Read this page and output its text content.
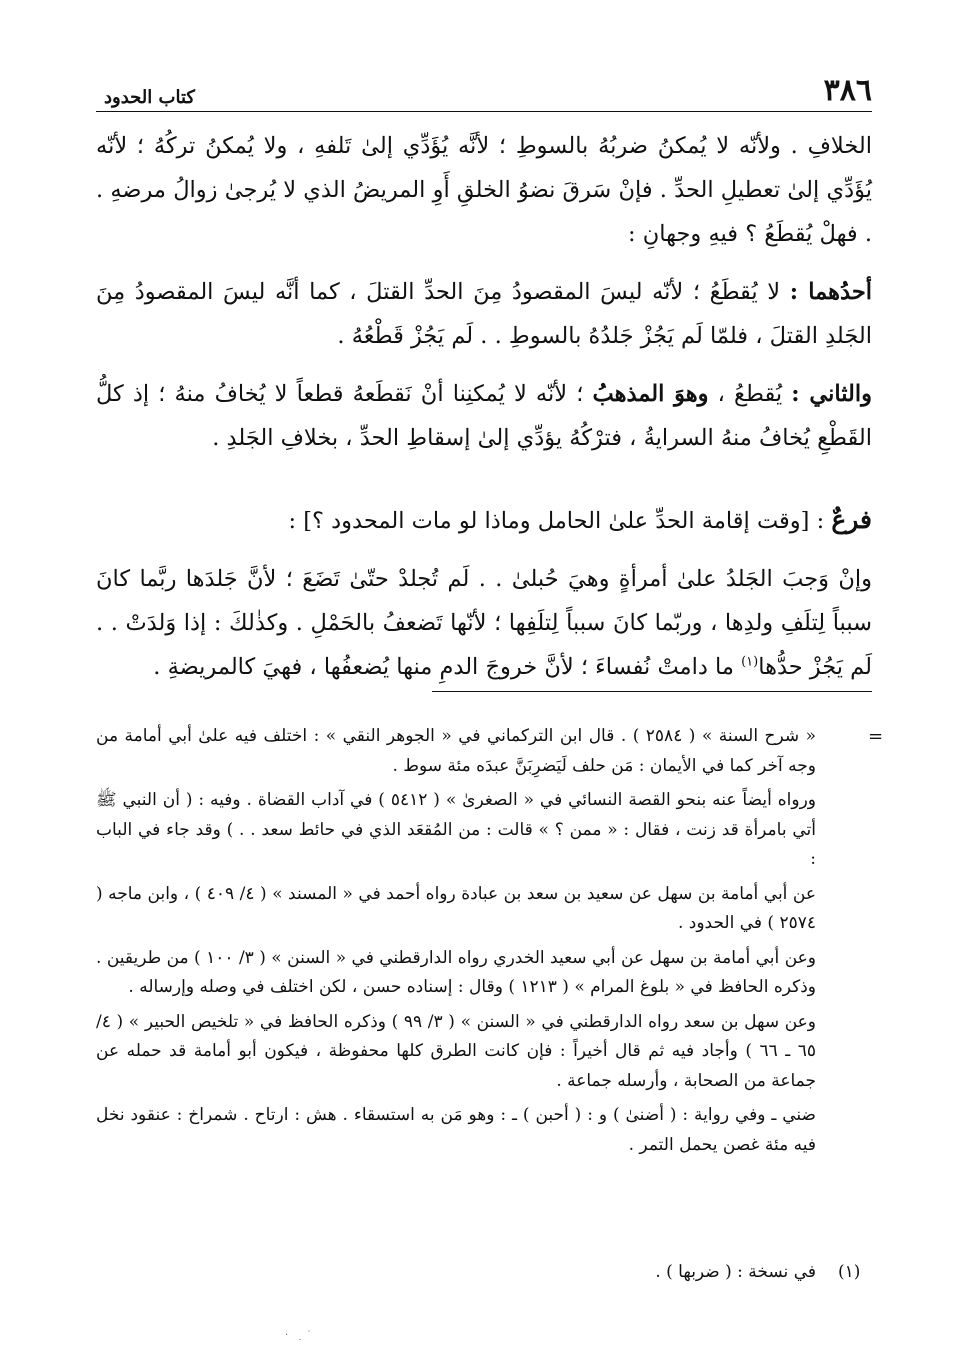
٣٨٦
كتاب الحدود

الخلافِ . ولأنّه لا يُمكنُ ضربُهُ بالسوطِ ؛ لأنَّه يُؤَدِّي إلىٰ تَلفهِ ، ولا يُمكنُ تركُهُ ؛ لأنّه يُؤَدِّي إلىٰ تعطيلِ الحدِّ . فإنْ سَرقَ نضوُ الخلقِ أَوِ المريضُ الذي لا يُرجىٰ زوالُ مرضهِ . . فهلْ يُقطَعُ ؟ فيهِ وجهانِ :

أحدُهما : لا يُقطَعُ ؛ لأنّه ليسَ المقصودُ مِنَ الحدِّ القتلَ ، كما أنَّه ليسَ المقصودُ مِنَ الجَلدِ القتلَ ، فلمّا لَم يَجُزْ جَلدُهُ بالسوطِ . . لَم يَجُزْ قَطْعُهُ .

والثاني : يُقطعُ ، وهوَ المذهبُ ؛ لأنّه لا يُمكنِنا أنْ نَقطَعهُ قطعاً لا يُخافُ منهُ ؛ إذ كلُّ القَطْعِ يُخافُ منهُ السرايةُ ، فترْكُهُ يؤدِّي إلىٰ إسقاطِ الحدِّ ، بخلافِ الجَلدِ .

فرعٌ : [وقت إقامة الحدِّ علىٰ الحامل وماذا لو مات المحدود ؟] :

وإنْ وَجبَ الجَلدُ علىٰ أمرأةٍ وهيَ حُبلىٰ . . لَم تُجلدْ حتّىٰ تَضَعَ ؛ لأنَّ جَلدَها ربَّما كانَ سبباً لِتلَفِ ولدِها ، وربّما كانَ سبباً لِتلَفِها ؛ لأنّها تَضعفُ بالحَمْلِ . وكذٰلكَ : إذا وَلدَتْ . . لَم يَجُزْ حدُّها$^{(١)}$ ما دامتْ نُفساءَ ؛ لأنَّ خروجَ الدمِ منها يُضعفُها ، فهيَ كالمريضةِ .

=

« شرح السنة » ( ٢٥٨٤ ) . قال ابن التركماني في « الجوهر النقي » : اختلف فيه علىٰ أبي أمامة من وجه آخر كما في الأيمان : مَن حلف لَيَضرِبَنَّ عبدَه مئة سوط .

ورواه أيضاً عنه بنحو القصة النسائي في « الصغرىٰ » ( ٥٤١٢ ) في آداب القضاة . وفيه : ( أن النبي ﷺ أتي بامرأة قد زنت ، فقال : « ممن ؟ » قالت : من المُقعَد الذي في حائط سعد . . ) وقد جاء في الباب :

عن أبي أمامة بن سهل عن سعيد بن سعد بن عبادة رواه أحمد في « المسند » ( ٤/ ٤٠٩ ) ، وابن ماجه ( ٢٥٧٤ ) في الحدود .

وعن أبي أمامة بن سهل عن أبي سعيد الخدري رواه الدارقطني في « السنن » ( ٣/ ١٠٠ ) من طريقين . وذكره الحافظ في « بلوغ المرام » ( ١٢١٣ ) وقال : إسناده حسن ، لكن اختلف في وصله وإرساله .

وعن سهل بن سعد رواه الدارقطني في « السنن » ( ٣/ ٩٩ ) وذكره الحافظ في « تلخيص الحبير » ( ٤/ ٦٥ ـ ٦٦ ) وأجاد فيه ثم قال أخيراً : فإن كانت الطرق كلها محفوظة ، فيكون أبو أمامة قد حمله عن جماعة من الصحابة ، وأرسله جماعة .

ضني ـ وفي رواية : ( أضنىٰ ) و : ( أحبن ) ـ : وهو مَن به استسقاء . هش : ارتاح . شمراخ : عنقود نخل فيه مئة غصن يحمل التمر .

(١)
في نسخة : ( ضربها ) .
˙ ̣ ·
